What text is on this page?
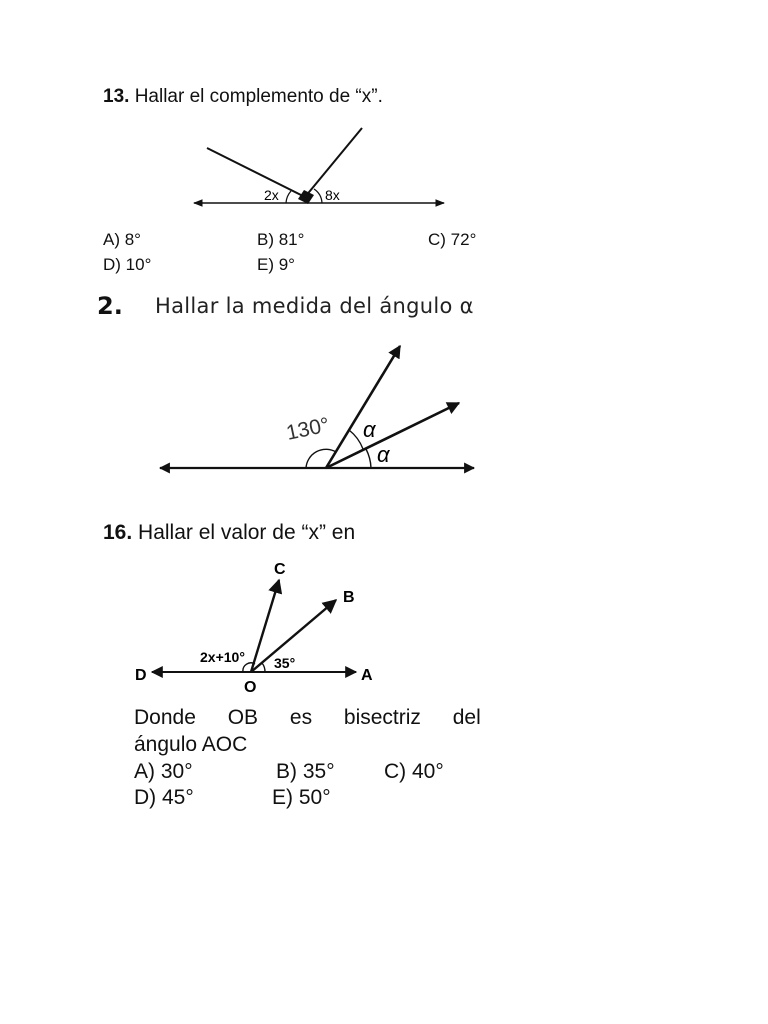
13. Hallar el complemento de “x”.
2x	8x
A) 8°	B) 81°	C) 72°
D) 10°	E) 9°
2. Hallar la medida del ángulo α
130° α
α
16. Hallar el valor de “x” en
C
B
D	A
O
2x+10° 35°
Donde OB es bisectriz del
ángulo AOC
A) 30°	B) 35° C) 40°
D) 45°	E) 50°
